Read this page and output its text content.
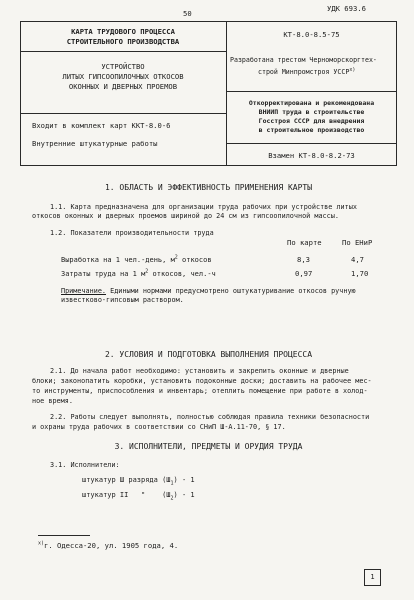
50
УДК 693.6
КАРТА ТРУДОВОГО ПРОЦЕССА
СТРОИТЕЛЬНОГО ПРОИЗВОДСТВА
УСТРОЙСТВО
ЛИТЫХ ГИПСООПИЛОЧНЫХ ОТКОСОВ
ОКОННЫХ И ДВЕРНЫХ ПРОЕМОВ
Входит в комплект карт ККТ-8.0-6
Внутренние штукатурные работы
КТ-8.0-8.5-75
Разработана трестом Черноморскоргтех-
строй Минпромстроя $УССР^{х)}$
Откорректирована и рекомендована
ВНИИП труда в строительстве
Госстроя СССР для внедрения
в строительное производство
Взамен КТ-8.0-8.2-73
1. ОБЛАСТЬ И ЭФФЕКТИВНОСТЬ ПРИМЕНЕНИЯ КАРТЫ
1.1. Карта предназначена для организации труда рабочих при устройстве литых
откосов оконных и дверных проемов шириной до 24 см из гипсоопилочной массы.
1.2. Показатели производительности труда
По карте	По ЕНиР
Выработка на 1 чел.-день, $м^2$ откосов	8,3	4,7
Затраты труда на 1 $м^2$ откосов, чел.-ч	0,97	1,70
Примечание. Едиными нормами предусмотрено оштукатуривание откосов ручную
известково-гипсовым раствором.
2. УСЛОВИЯ И ПОДГОТОВКА ВЫПОЛНЕНИЯ ПРОЦЕССА
2.1. До начала работ необходимо: установить и закрепить оконные и дверные
блоки; законопатить коробки, установить подоконные доски; доставить на рабочее мес-
то инструменты, приспособления и инвентарь; отеплить помещение при работе в холод-
ное время.
2.2. Работы следует выполнять, полностью соблюдая правила техники безопасности
и охраны труда рабочих в соответствии со СНиП Ш-А.11-70, § 17.
3. ИСПОЛНИТЕЛИ, ПРЕДМЕТЫ И ОРУДИЯ ТРУДА
3.1. Исполнители:
штукатур Ш разряда $(Ш_1) - 1$
штукатур II   "    $(Ш_2) - 1$
$^{х)}$г. Одесса-20, ул. 1905 года, 4.
1
